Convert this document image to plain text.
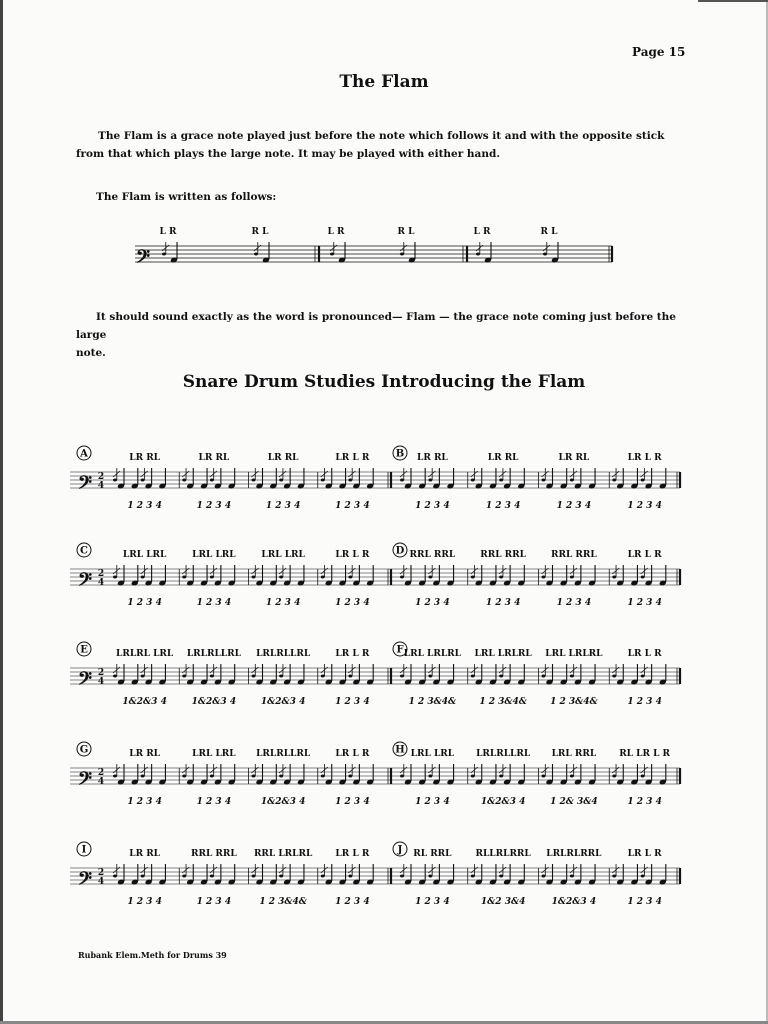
Page 15
The Flam
The Flam is a grace note played just before the note which follows it and with the opposite stick
from that which plays the large note. It may be played with either hand.
The Flam is written as follows:
It should sound exactly as the word is pronounced— Flam — the grace note coming just before the large
note.
Snare Drum Studies Introducing the Flam
𝄢
L R	R L	L R	R L	L R	R L
𝄢 2
4
A	LR RL
1 2 3 4
LR RL
1 2 3 4
LR RL
1 2 3 4
LR L R
1 2 3 4
B LR RL
1 2 3 4
LR RL
1 2 3 4
LR RL
1 2 3 4
LR L R
1 2 3 4
𝄢 2
4
C	LRL LRL
1 2 3 4
LRL LRL
1 2 3 4
LRL LRL
1 2 3 4
LR L R
1 2 3 4
D RRL RRL
1 2 3 4
RRL RRL
1 2 3 4
RRL RRL
1 2 3 4
LR L R
1 2 3 4
𝄢 2
4
E	LRLRL LRL
1&2&3 4
LRLRLLRL
1&2&3 4
LRLRLLRL
1&2&3 4
LR L R
1 2 3 4
F LRL LRLRL
1 2 3&4&
LRL LRLRL
1 2 3&4&
LRL LRLRL
1 2 3&4&
LR L R
1 2 3 4
𝄢 2
4
G	LR RL
1 2 3 4
LRL LRL
1 2 3 4
LRLRLLRL
1&2&3 4
LR L R
1 2 3 4
H LRL LRL
1 2 3 4
LRLRLLRL
1&2&3 4
LRL RRL
1 2& 3&4
RL LR L R
1 2 3 4
𝄢 2
4
I	LR RL
1 2 3 4
RRL RRL
1 2 3 4
RRL LRLRL
1 2 3&4&
LR L R
1 2 3 4
J RL RRL
1 2 3 4
RLLRLRRL
1&2 3&4
LRLRLRRL
1&2&3 4
LR L R
1 2 3 4
Rubank Elem.Meth for Drums 39
